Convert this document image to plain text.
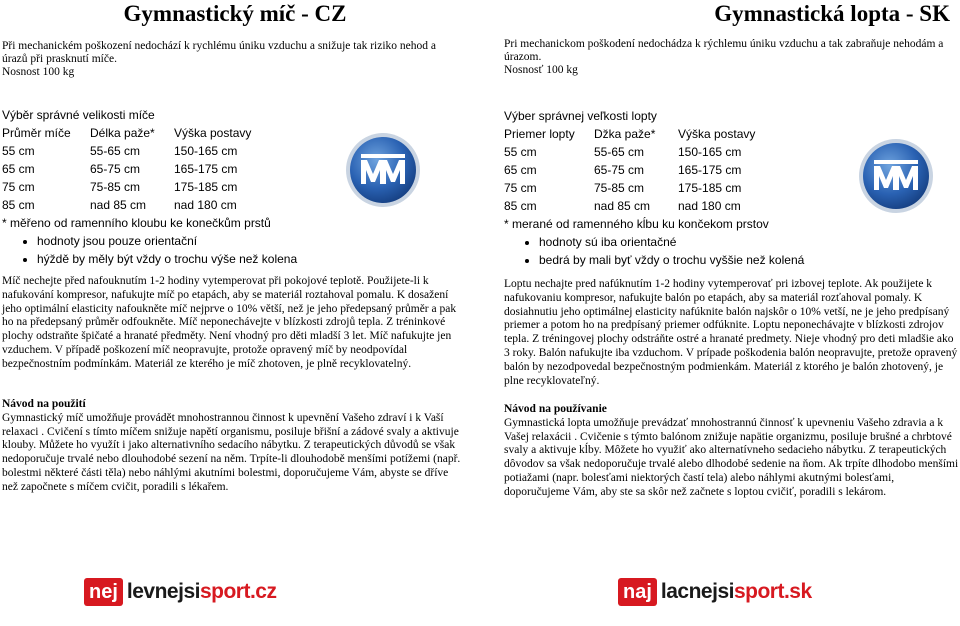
Gymnastický míč - CZ
Při mechanickém poškození nedochází k rychlému úniku vzduchu a snižuje tak riziko nehod a úrazů při prasknutí míče.
Nosnost 100 kg
Výběr správné velikosti míče
Průměr míče	Délka paže*	Výška postavy
55 cm	55-65 cm	150-165 cm
65 cm	65-75 cm	165-175 cm
75 cm	75-85 cm	175-185 cm
85 cm	nad 85 cm	nad 180 cm
* měřeno od ramenního kloubu ke konečkům prstů
• hodnoty jsou pouze orientační
• hýždě by měly být vždy o trochu výše než kolena
Míč nechejte před nafouknutím 1-2 hodiny vytemperovat při pokojové teplotě. Použijete-li k nafukování kompresor, nafukujte míč po etapách, aby se materiál roztahoval pomalu. K dosažení jeho optimální elasticity nafoukněte míč nejprve o 10% větší, než je jeho předepsaný průměr a pak ho na předepsaný průměr odfoukněte. Míč neponechávejte v blízkosti zdrojů tepla. Z tréninkové plochy odstraňte špičaté a hranaté předměty. Není vhodný pro děti mladší 3 let. Míč nafukujte jen vzduchem. V případě poškození míč neopravujte, protože opravený míč by neodpovídal bezpečnostním podmínkám. Materiál ze kterého je míč zhotoven, je plně recyklovatelný.
Návod na použití
Gymnastický míč umožňuje provádět mnohostrannou činnost k upevnění Vašeho zdraví i k Vaší relaxaci . Cvičení s tímto míčem snižuje napětí organismu, posiluje břišní a zádové svaly a aktivuje klouby. Můžete ho využít i jako alternativního sedacího nábytku. Z terapeutických důvodů se však nedoporučuje trvalé nebo dlouhodobé sezení na něm. Trpíte-li dlouhodobě menšími potížemi (např. bolestmi některé části těla) nebo náhlými akutními bolestmi, doporučujeme Vám, abyste se dříve než započnete s míčem cvičit, poradili s lékařem.
nej levnejsisport.cz
Gymnastická lopta - SK
Pri mechanickom poškodení nedochádza k rýchlemu úniku vzduchu a tak zabraňuje nehodám a úrazom.
Nosnosť 100 kg
Výber správnej veľkosti lopty
Priemer lopty	Džka paže*	Výška postavy
55 cm	55-65 cm	150-165 cm
65 cm	65-75 cm	165-175 cm
75 cm	75-85 cm	175-185 cm
85 cm	nad 85 cm	nad 180 cm
* merané od ramenného kĺbu ku končekom prstov
• hodnoty sú iba orientačné
• bedrá by mali byť vždy o trochu vyššie než kolená
Loptu nechajte pred nafúknutím 1-2 hodiny vytemperovať pri izbovej teplote. Ak použijete k nafukovaniu kompresor, nafukujte balón po etapách, aby sa materiál rozťahoval pomaly. K dosiahnutiu jeho optimálnej elasticity nafúknite balón najskôr o 10% vetší, ne je jeho predpísaný priemer a potom ho na predpísaný priemer odfúknite. Loptu neponechávajte v blízkosti zdrojov tepla. Z tréningovej plochy odstráňte ostré a hranaté predmety. Nieje vhodný pro deti mladšie ako 3 roky. Balón nafukujte iba vzduchom. V prípade poškodenia balón neopravujte, pretože opravený balón by nezodpovedal bezpečnostným podmienkám. Materiál z ktorého je balón zhotovený, je plne recyklovateľný.
Návod na používanie
Gymnastická lopta umožňuje prevádzať mnohostrannú činnosť k upevneniu Vašeho zdravia a k Vašej relaxácii . Cvičenie s týmto balónom znižuje napätie organizmu, posiluje brušné a chrbtové svaly a aktivuje kĺby. Môžete ho využiť ako alternatívneho sedacieho nábytku. Z terapeutických dôvodov sa však nedoporučuje trvalé alebo dlhodobé sedenie na ňom. Ak trpíte dlhodobo menšími potiažami (napr. bolesťami niektorých častí tela) alebo náhlymi akutnými bolesťami, doporučujeme Vám, aby ste sa skôr než začnete s loptou cvičiť, poradili s lekárom.
naj lacnejsisport.sk
